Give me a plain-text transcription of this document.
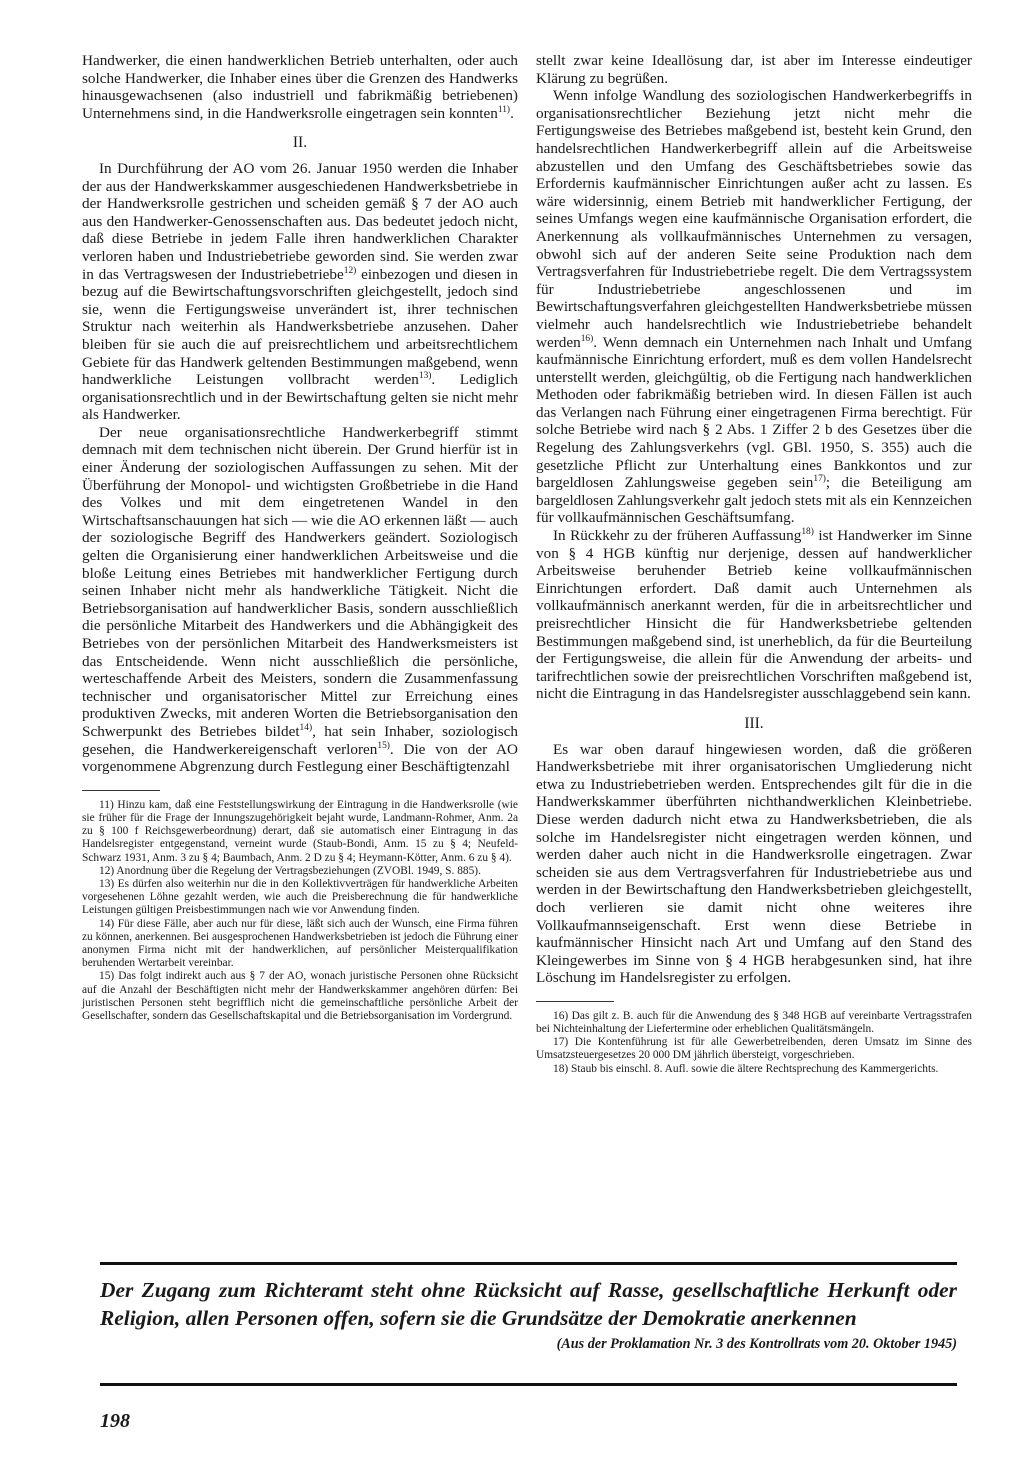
Handwerker, die einen handwerklichen Betrieb unterhalten, oder auch solche Handwerker, die Inhaber eines über die Grenzen des Handwerks hinausgewachsenen (also industriell und fabrikmäßig betriebenen) Unternehmens sind, in die Handwerksrolle eingetragen sein konnten$^{11)}$.

II.

In Durchführung der AO vom 26. Januar 1950 werden die Inhaber der aus der Handwerkskammer ausgeschiedenen Handwerksbetriebe in der Handwerksrolle gestrichen und scheiden gemäß § 7 der AO auch aus den Handwerker-Genossenschaften aus. Das bedeutet jedoch nicht, daß diese Betriebe in jedem Falle ihren handwerklichen Charakter verloren haben und Industriebetriebe geworden sind. Sie werden zwar in das Vertragswesen der Industriebetriebe$^{12)}$ einbezogen und diesen in bezug auf die Bewirtschaftungsvorschriften gleichgestellt, jedoch sind sie, wenn die Fertigungsweise unverändert ist, ihrer technischen Struktur nach weiterhin als Handwerksbetriebe anzusehen. Daher bleiben für sie auch die auf preisrechtlichem und arbeitsrechtlichem Gebiete für das Handwerk geltenden Bestimmungen maßgebend, wenn handwerkliche Leistungen vollbracht werden$^{13)}$. Lediglich organisationsrechtlich und in der Bewirtschaftung gelten sie nicht mehr als Handwerker.

Der neue organisationsrechtliche Handwerkerbegriff stimmt demnach mit dem technischen nicht überein. Der Grund hierfür ist in einer Änderung der soziologischen Auffassungen zu sehen. Mit der Überführung der Monopol- und wichtigsten Großbetriebe in die Hand des Volkes und mit dem eingetretenen Wandel in den Wirtschaftsanschauungen hat sich — wie die AO erkennen läßt — auch der soziologische Begriff des Handwerkers geändert. Soziologisch gelten die Organisierung einer handwerklichen Arbeitsweise und die bloße Leitung eines Betriebes mit handwerklicher Fertigung durch seinen Inhaber nicht mehr als handwerkliche Tätigkeit. Nicht die Betriebsorganisation auf handwerklicher Basis, sondern ausschließlich die persönliche Mitarbeit des Handwerkers und die Abhängigkeit des Betriebes von der persönlichen Mitarbeit des Handwerksmeisters ist das Entscheidende. Wenn nicht ausschließlich die persönliche, werteschaffende Arbeit des Meisters, sondern die Zusammenfassung technischer und organisatorischer Mittel zur Erreichung eines produktiven Zwecks, mit anderen Worten die Betriebsorganisation den Schwerpunkt des Betriebes bildet$^{14)}$, hat sein Inhaber, soziologisch gesehen, die Handwerkereigenschaft verloren$^{15)}$. Die von der AO vorgenommene Abgrenzung durch Festlegung einer Beschäftigtenzahl

11) Hinzu kam, daß eine Feststellungswirkung der Eintragung in die Handwerksrolle (wie sie früher für die Frage der Innungszugehörigkeit bejaht wurde, Landmann-Rohmer, Anm. 2a zu § 100 f Reichsgewerbeordnung) derart, daß sie automatisch einer Eintragung in das Handelsregister entgegenstand, verneint wurde (Staub-Bondi, Anm. 15 zu § 4; Neufeld-Schwarz 1931, Anm. 3 zu § 4; Baumbach, Anm. 2 D zu § 4; Heymann-Kötter, Anm. 6 zu § 4).

12) Anordnung über die Regelung der Vertragsbeziehungen (ZVOBl. 1949, S. 885).

13) Es dürfen also weiterhin nur die in den Kollektivverträgen für handwerkliche Arbeiten vorgesehenen Löhne gezahlt werden, wie auch die Preisberechnung die für handwerkliche Leistungen gültigen Preisbestimmungen nach wie vor Anwendung finden.

14) Für diese Fälle, aber auch nur für diese, läßt sich auch der Wunsch, eine Firma führen zu können, anerkennen. Bei ausgesprochenen Handwerksbetrieben ist jedoch die Führung einer anonymen Firma nicht mit der handwerklichen, auf persönlicher Meisterqualifikation beruhenden Wertarbeit vereinbar.

15) Das folgt indirekt auch aus § 7 der AO, wonach juristische Personen ohne Rücksicht auf die Anzahl der Beschäftigten nicht mehr der Handwerkskammer angehören dürfen: Bei juristischen Personen steht begrifflich nicht die gemeinschaftliche persönliche Arbeit der Gesellschafter, sondern das Gesellschaftskapital und die Betriebsorganisation im Vordergrund.

stellt zwar keine Ideallösung dar, ist aber im Interesse eindeutiger Klärung zu begrüßen.

Wenn infolge Wandlung des soziologischen Handwerkerbegriffs in organisationsrechtlicher Beziehung jetzt nicht mehr die Fertigungsweise des Betriebes maßgebend ist, besteht kein Grund, den handelsrechtlichen Handwerkerbegriff allein auf die Arbeitsweise abzustellen und den Umfang des Geschäftsbetriebes sowie das Erfordernis kaufmännischer Einrichtungen außer acht zu lassen. Es wäre widersinnig, einem Betrieb mit handwerklicher Fertigung, der seines Umfangs wegen eine kaufmännische Organisation erfordert, die Anerkennung als vollkaufmännisches Unternehmen zu versagen, obwohl sich auf der anderen Seite seine Produktion nach dem Vertragsverfahren für Industriebetriebe regelt. Die dem Vertragssystem für Industriebetriebe angeschlossenen und im Bewirtschaftungsverfahren gleichgestellten Handwerksbetriebe müssen vielmehr auch handelsrechtlich wie Industriebetriebe behandelt werden$^{16)}$. Wenn demnach ein Unternehmen nach Inhalt und Umfang kaufmännische Einrichtung erfordert, muß es dem vollen Handelsrecht unterstellt werden, gleichgültig, ob die Fertigung nach handwerklichen Methoden oder fabrikmäßig betrieben wird. In diesen Fällen ist auch das Verlangen nach Führung einer eingetragenen Firma berechtigt. Für solche Betriebe wird nach § 2 Abs. 1 Ziffer 2 b des Gesetzes über die Regelung des Zahlungsverkehrs (vgl. GBl. 1950, S. 355) auch die gesetzliche Pflicht zur Unterhaltung eines Bankkontos und zur bargeldlosen Zahlungsweise gegeben sein$^{17)}$; die Beteiligung am bargeldlosen Zahlungsverkehr galt jedoch stets mit als ein Kennzeichen für vollkaufmännischen Geschäftsumfang.

In Rückkehr zu der früheren Auffassung$^{18)}$ ist Handwerker im Sinne von § 4 HGB künftig nur derjenige, dessen auf handwerklicher Arbeitsweise beruhender Betrieb keine vollkaufmännischen Einrichtungen erfordert. Daß damit auch Unternehmen als vollkaufmännisch anerkannt werden, für die in arbeitsrechtlicher und preisrechtlicher Hinsicht die für Handwerksbetriebe geltenden Bestimmungen maßgebend sind, ist unerheblich, da für die Beurteilung der Fertigungsweise, die allein für die Anwendung der arbeits- und tarifrechtlichen sowie der preisrechtlichen Vorschriften maßgebend ist, nicht die Eintragung in das Handelsregister ausschlaggebend sein kann.

III.

Es war oben darauf hingewiesen worden, daß die größeren Handwerksbetriebe mit ihrer organisatorischen Umgliederung nicht etwa zu Industriebetrieben werden. Entsprechendes gilt für die in die Handwerkskammer überführten nichthandwerklichen Kleinbetriebe. Diese werden dadurch nicht etwa zu Handwerksbetrieben, die als solche im Handelsregister nicht eingetragen werden können, und werden daher auch nicht in die Handwerksrolle eingetragen. Zwar scheiden sie aus dem Vertragsverfahren für Industriebetriebe aus und werden in der Bewirtschaftung den Handwerksbetrieben gleichgestellt, doch verlieren sie damit nicht ohne weiteres ihre Vollkaufmannseigenschaft. Erst wenn diese Betriebe in kaufmännischer Hinsicht nach Art und Umfang auf den Stand des Kleingewerbes im Sinne von § 4 HGB herabgesunken sind, hat ihre Löschung im Handelsregister zu erfolgen.

16) Das gilt z. B. auch für die Anwendung des § 348 HGB auf vereinbarte Vertragsstrafen bei Nichteinhaltung der Liefertermine oder erheblichen Qualitätsmängeln.

17) Die Kontenführung ist für alle Gewerbetreibenden, deren Umsatz im Sinne des Umsatzsteuergesetzes 20 000 DM jährlich übersteigt, vorgeschrieben.

18) Staub bis einschl. 8. Aufl. sowie die ältere Rechtsprechung des Kammergerichts.

Der Zugang zum Richteramt steht ohne Rücksicht auf Rasse, gesellschaftliche Herkunft oder Religion, allen Personen offen, sofern sie die Grundsätze der Demokratie anerkennen
(Aus der Proklamation Nr. 3 des Kontrollrats vom 20. Oktober 1945)
198
